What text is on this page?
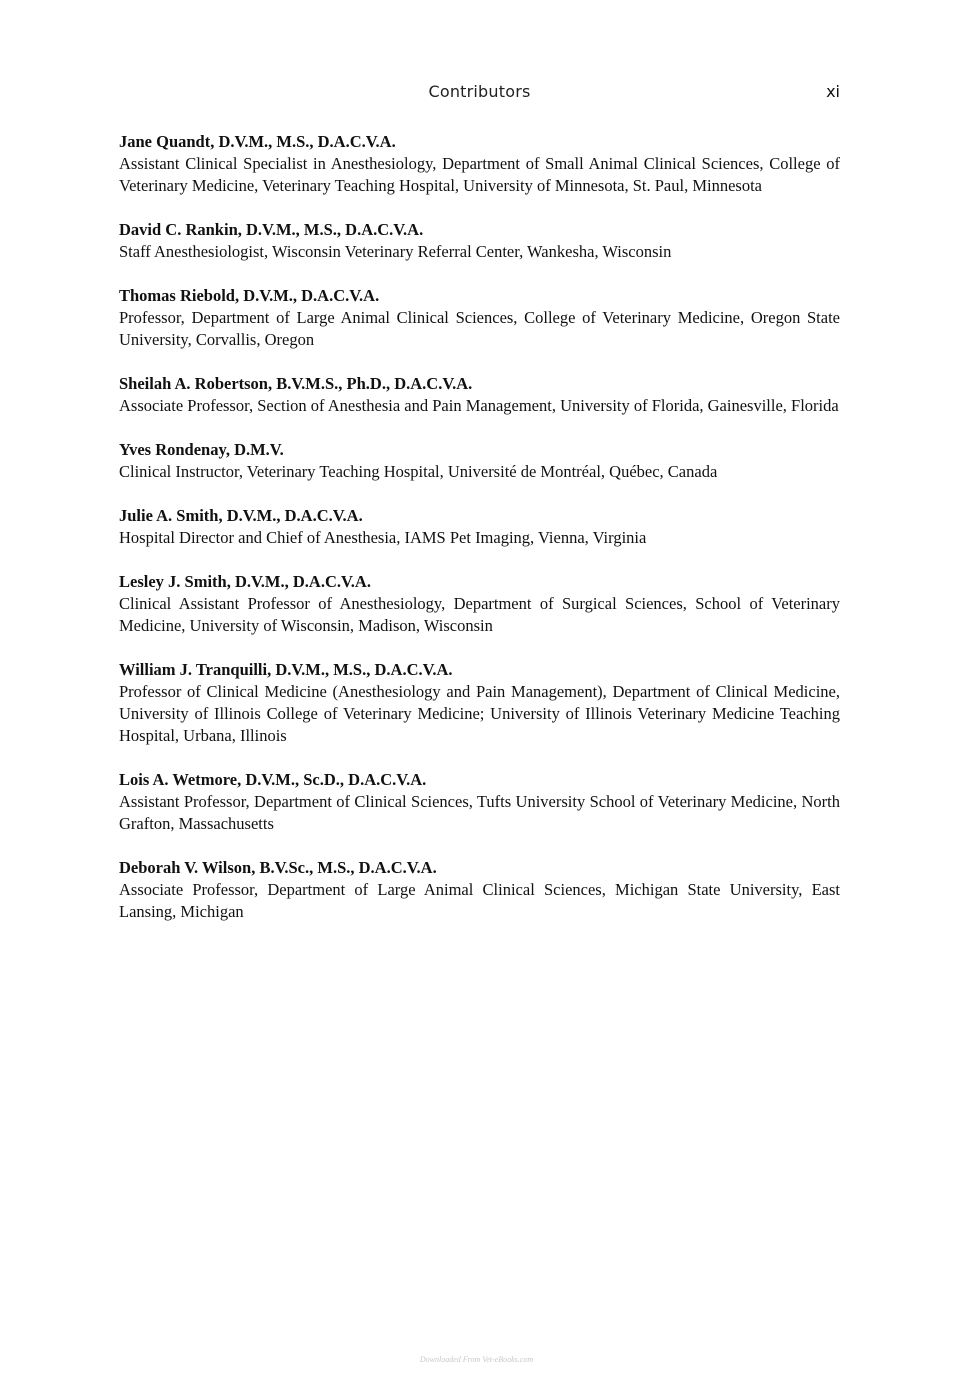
Contributors	xi
Jane Quandt, D.V.M., M.S., D.A.C.V.A.
Assistant Clinical Specialist in Anesthesiology, Department of Small Animal Clinical Sciences, College of Veterinary Medicine, Veterinary Teaching Hospital, University of Minnesota, St. Paul, Minnesota
David C. Rankin, D.V.M., M.S., D.A.C.V.A.
Staff Anesthesiologist, Wisconsin Veterinary Referral Center, Wankesha, Wisconsin
Thomas Riebold, D.V.M., D.A.C.V.A.
Professor, Department of Large Animal Clinical Sciences, College of Veterinary Medicine, Oregon State University, Corvallis, Oregon
Sheilah A. Robertson, B.V.M.S., Ph.D., D.A.C.V.A.
Associate Professor, Section of Anesthesia and Pain Management, University of Florida, Gainesville, Florida
Yves Rondenay, D.M.V.
Clinical Instructor, Veterinary Teaching Hospital, Université de Montréal, Québec, Canada
Julie A. Smith, D.V.M., D.A.C.V.A.
Hospital Director and Chief of Anesthesia, IAMS Pet Imaging, Vienna, Virginia
Lesley J. Smith, D.V.M., D.A.C.V.A.
Clinical Assistant Professor of Anesthesiology, Department of Surgical Sciences, School of Veterinary Medicine, University of Wisconsin, Madison, Wisconsin
William J. Tranquilli, D.V.M., M.S., D.A.C.V.A.
Professor of Clinical Medicine (Anesthesiology and Pain Management), Department of Clinical Medicine, University of Illinois College of Veterinary Medicine; University of Illinois Veterinary Medicine Teaching Hospital, Urbana, Illinois
Lois A. Wetmore, D.V.M., Sc.D., D.A.C.V.A.
Assistant Professor, Department of Clinical Sciences, Tufts University School of Veterinary Medicine, North Grafton, Massachusetts
Deborah V. Wilson, B.V.Sc., M.S., D.A.C.V.A.
Associate Professor, Department of Large Animal Clinical Sciences, Michigan State University, East Lansing, Michigan
Downloaded From Vet-eBooks.com
